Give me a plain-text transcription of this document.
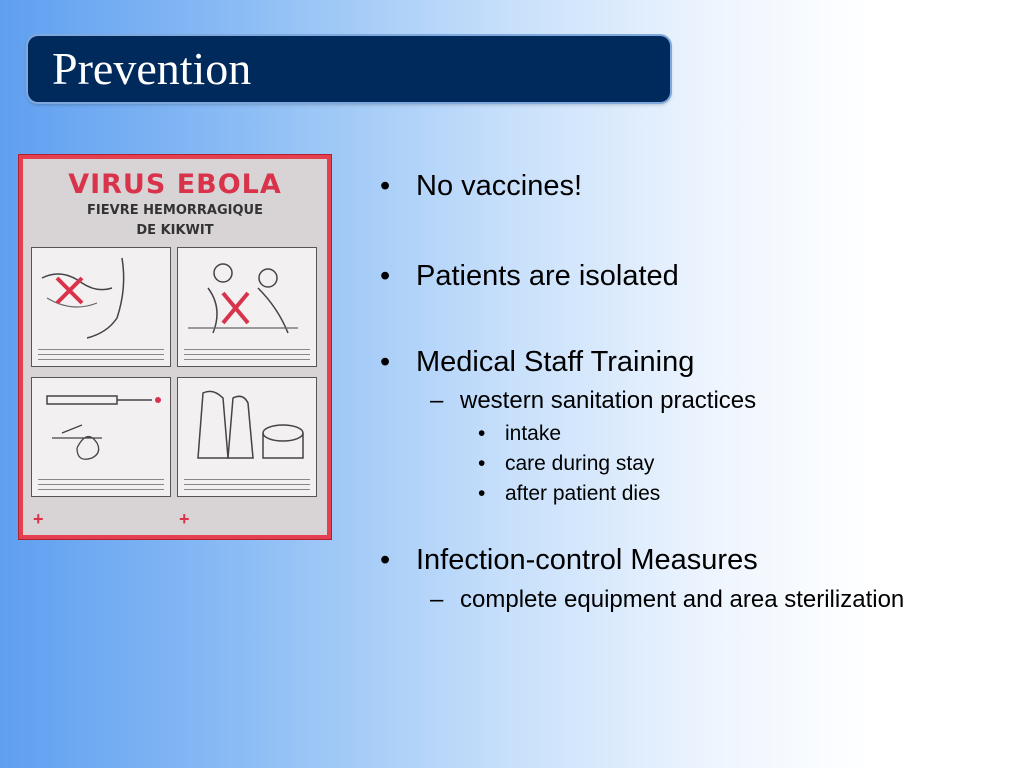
Prevention
VIRUS EBOLA
FIEVRE HEMORRAGIQUE
DE KIKWIT
+	+
• No vaccines!
• Patients are isolated
• Medical Staff Training
– western sanitation practices
• intake
• care during stay
• after patient dies
• Infection-control Measures
– complete equipment and area sterilization
